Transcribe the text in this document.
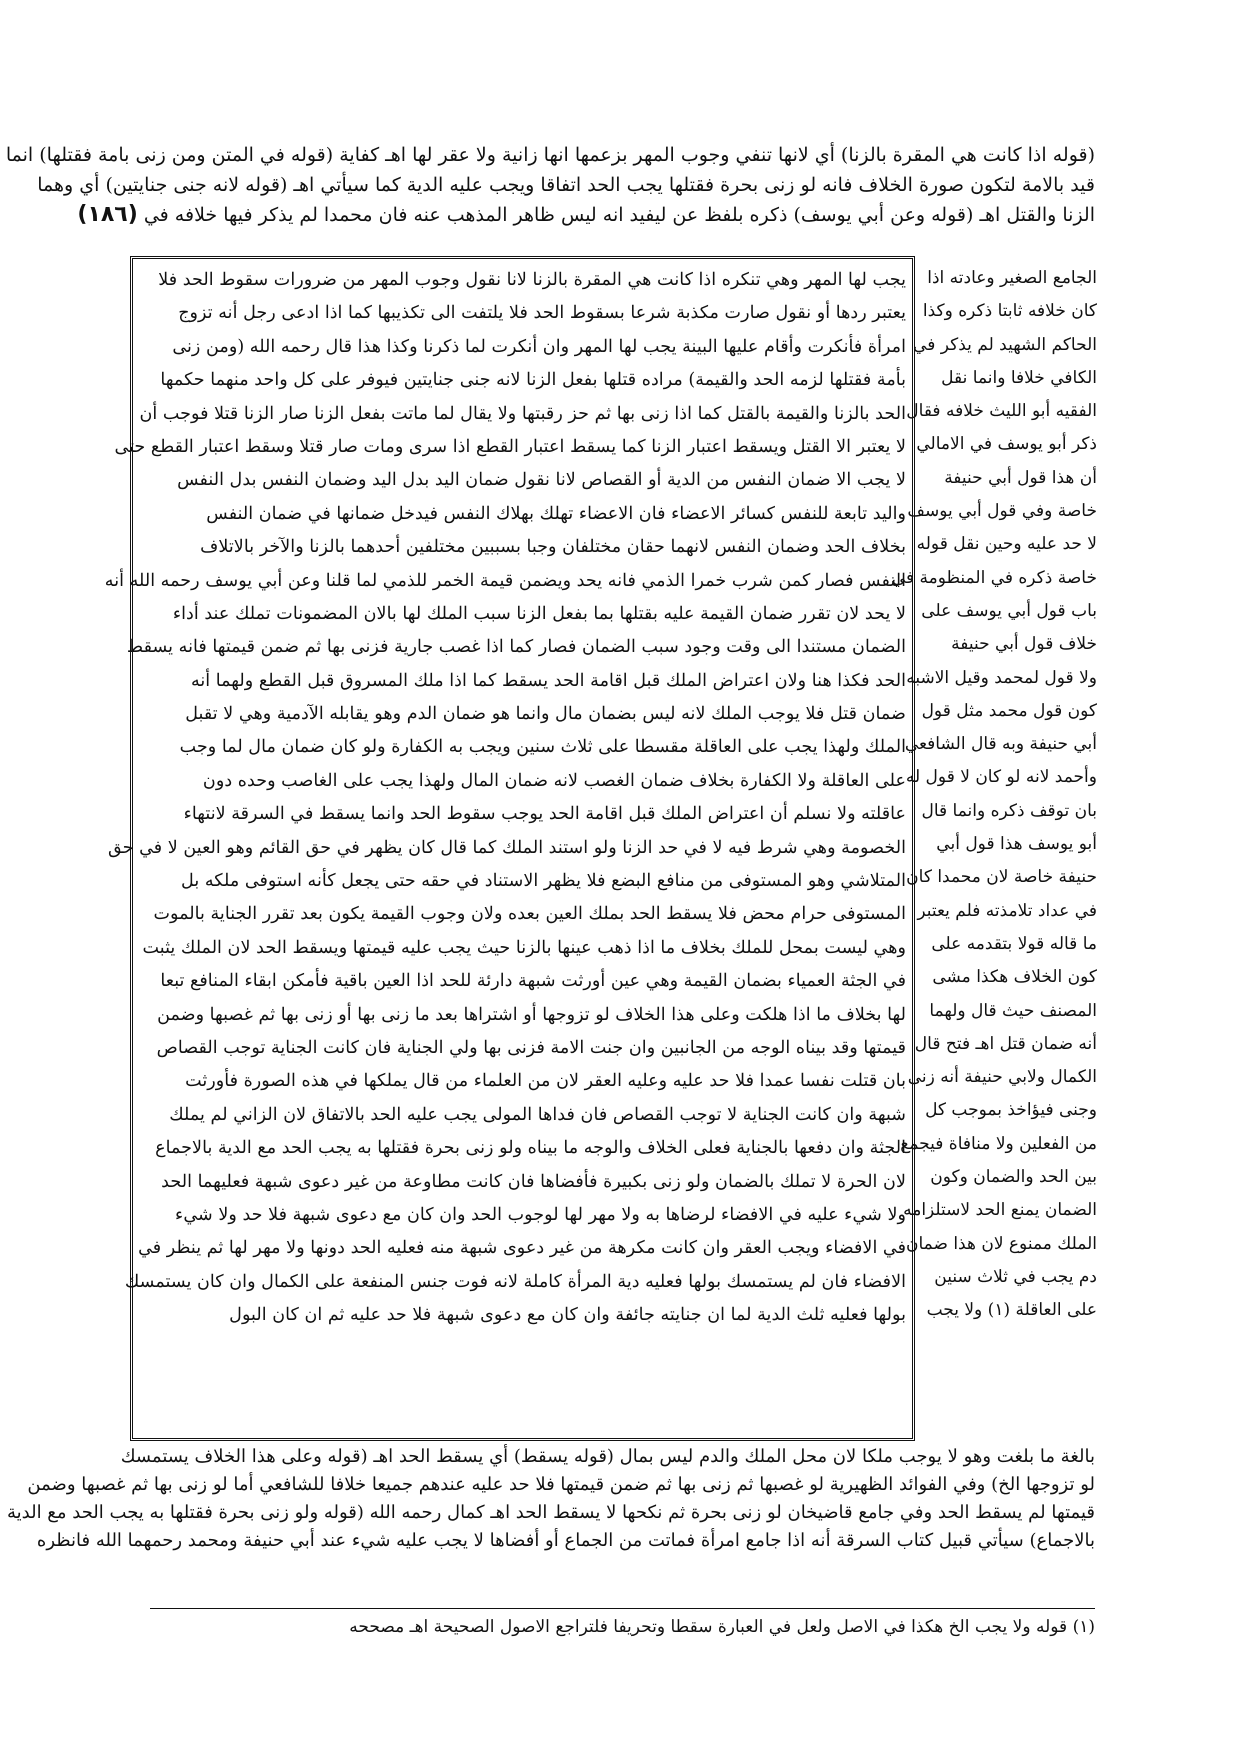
(قوله اذا كانت هي المقرة بالزنا) أي لانها تنفي وجوب المهر بزعمها انها زانية ولا عقر لها اهـ كفاية (قوله في المتن ومن زنى بامة فقتلها) انما
قيد بالامة لتكون صورة الخلاف فانه لو زنى بحرة فقتلها يجب الحد اتفاقا ويجب عليه الدية كما سيأتي اهـ (قوله لانه جنى جنايتين) أي وهما
الزنا والقتل اهـ (قوله وعن أبي يوسف) ذكره بلفظ عن ليفيد انه ليس ظاهر المذهب عنه فان محمدا لم يذكر فيها خلافه في (١٨٦)
يجب لها المهر وهي تنكره اذا كانت هي المقرة بالزنا لانا نقول وجوب المهر من ضرورات سقوط الحد فلا
يعتبر ردها أو نقول صارت مكذبة شرعا بسقوط الحد فلا يلتفت الى تكذيبها كما اذا ادعى رجل أنه تزوج
امرأة فأنكرت وأقام عليها البينة يجب لها المهر وان أنكرت لما ذكرنا وكذا هذا قال رحمه الله (ومن زنى
بأمة فقتلها لزمه الحد والقيمة) مراده قتلها بفعل الزنا لانه جنى جنايتين فيوفر على كل واحد منهما حكمها
الحد بالزنا والقيمة بالقتل كما اذا زنى بها ثم حز رقبتها ولا يقال لما ماتت بفعل الزنا صار الزنا قتلا فوجب أن
لا يعتبر الا القتل ويسقط اعتبار الزنا كما يسقط اعتبار القطع اذا سرى ومات صار قتلا وسقط اعتبار القطع حتى
لا يجب الا ضمان النفس من الدية أو القصاص لانا نقول ضمان اليد بدل اليد وضمان النفس بدل النفس
واليد تابعة للنفس كسائر الاعضاء فان الاعضاء تهلك بهلاك النفس فيدخل ضمانها في ضمان النفس
بخلاف الحد وضمان النفس لانهما حقان مختلفان وجبا بسببين مختلفين أحدهما بالزنا والآخر بالاتلاف
النفس فصار كمن شرب خمرا الذمي فانه يحد ويضمن قيمة الخمر للذمي لما قلنا وعن أبي يوسف رحمه الله أنه
لا يحد لان تقرر ضمان القيمة عليه بقتلها بما بفعل الزنا سبب الملك لها بالان المضمونات تملك عند أداء
الضمان مستندا الى وقت وجود سبب الضمان فصار كما اذا غصب جارية فزنى بها ثم ضمن قيمتها فانه يسقط
الحد فكذا هنا ولان اعتراض الملك قبل اقامة الحد يسقط كما اذا ملك المسروق قبل القطع ولهما أنه
ضمان قتل فلا يوجب الملك لانه ليس بضمان مال وانما هو ضمان الدم وهو يقابله الآدمية وهي لا تقبل
الملك ولهذا يجب على العاقلة مقسطا على ثلاث سنين ويجب به الكفارة ولو كان ضمان مال لما وجب
على العاقلة ولا الكفارة بخلاف ضمان الغصب لانه ضمان المال ولهذا يجب على الغاصب وحده دون
عاقلته ولا نسلم أن اعتراض الملك قبل اقامة الحد يوجب سقوط الحد وانما يسقط في السرقة لانتهاء
الخصومة وهي شرط فيه لا في حد الزنا ولو استند الملك كما قال كان يظهر في حق القائم وهو العين لا في حق
المتلاشي وهو المستوفى من منافع البضع فلا يظهر الاستناد في حقه حتى يجعل كأنه استوفى ملكه بل
المستوفى حرام محض فلا يسقط الحد بملك العين بعده ولان وجوب القيمة يكون بعد تقرر الجناية بالموت
وهي ليست بمحل للملك بخلاف ما اذا ذهب عينها بالزنا حيث يجب عليه قيمتها ويسقط الحد لان الملك يثبت
في الجثة العمياء بضمان القيمة وهي عين أورثت شبهة دارئة للحد اذا العين باقية فأمكن ابقاء المنافع تبعا
لها بخلاف ما اذا هلكت وعلى هذا الخلاف لو تزوجها أو اشتراها بعد ما زنى بها أو زنى بها ثم غصبها وضمن
قيمتها وقد بيناه الوجه من الجانبين وان جنت الامة فزنى بها ولي الجناية فان كانت الجناية توجب القصاص
بان قتلت نفسا عمدا فلا حد عليه وعليه العقر لان من العلماء من قال يملكها في هذه الصورة فأورثت
شبهة وان كانت الجناية لا توجب القصاص فان فداها المولى يجب عليه الحد بالاتفاق لان الزاني لم يملك
الجثة وان دفعها بالجناية فعلى الخلاف والوجه ما بيناه ولو زنى بحرة فقتلها به يجب الحد مع الدية بالاجماع
لان الحرة لا تملك بالضمان ولو زنى بكبيرة فأفضاها فان كانت مطاوعة من غير دعوى شبهة فعليهما الحد
ولا شيء عليه في الافضاء لرضاها به ولا مهر لها لوجوب الحد وان كان مع دعوى شبهة فلا حد ولا شيء
في الافضاء ويجب العقر وان كانت مكرهة من غير دعوى شبهة منه فعليه الحد دونها ولا مهر لها ثم ينظر في
الافضاء فان لم يستمسك بولها فعليه دية المرأة كاملة لانه فوت جنس المنفعة على الكمال وان كان يستمسك
بولها فعليه ثلث الدية لما ان جنايته جائفة وان كان مع دعوى شبهة فلا حد عليه ثم ان كان البول
الجامع الصغير وعادته اذا
كان خلافه ثابتا ذكره وكذا
الحاكم الشهيد لم يذكر في
الكافي خلافا وانما نقل
الفقيه أبو الليث خلافه فقال
ذكر أبو يوسف في الامالي
أن هذا قول أبي حنيفة
خاصة وفي قول أبي يوسف
لا حد عليه وحين نقل قوله
خاصة ذكره في المنظومة في
باب قول أبي يوسف على
خلاف قول أبي حنيفة
ولا قول لمحمد وقيل الاشبه
كون قول محمد مثل قول
أبي حنيفة وبه قال الشافعي
وأحمد لانه لو كان لا قول له
بان توقف ذكره وانما قال
أبو يوسف هذا قول أبي
حنيفة خاصة لان محمدا كان
في عداد تلامذته فلم يعتبر
ما قاله قولا بتقدمه على
كون الخلاف هكذا مشى
المصنف حيث قال ولهما
أنه ضمان قتل اهـ فتح قال
الكمال ولابي حنيفة أنه زنى
وجنى فيؤاخذ بموجب كل
من الفعلين ولا منافاة فيجمع
بين الحد والضمان وكون
الضمان يمنع الحد لاستلزامه
الملك ممنوع لان هذا ضمان
دم يجب في ثلاث سنين
على العاقلة (١) ولا يجب
بالغة ما بلغت وهو لا يوجب ملكا لان محل الملك والدم ليس بمال (قوله يسقط) أي يسقط الحد اهـ (قوله وعلى هذا الخلاف يستمسك
لو تزوجها الخ) وفي الفوائد الظهيرية لو غصبها ثم زنى بها ثم ضمن قيمتها فلا حد عليه عندهم جميعا خلافا للشافعي أما لو زنى بها ثم غصبها وضمن
قيمتها لم يسقط الحد وفي جامع قاضيخان لو زنى بحرة ثم نكحها لا يسقط الحد اهـ كمال رحمه الله (قوله ولو زنى بحرة فقتلها به يجب الحد مع الدية
بالاجماع) سيأتي قبيل كتاب السرقة أنه اذا جامع امرأة فماتت من الجماع أو أفضاها لا يجب عليه شيء عند أبي حنيفة ومحمد رحمهما الله فانظره
(١) قوله ولا يجب الخ هكذا في الاصل ولعل في العبارة سقطا وتحريفا فلتراجع الاصول الصحيحة اهـ مصححه
